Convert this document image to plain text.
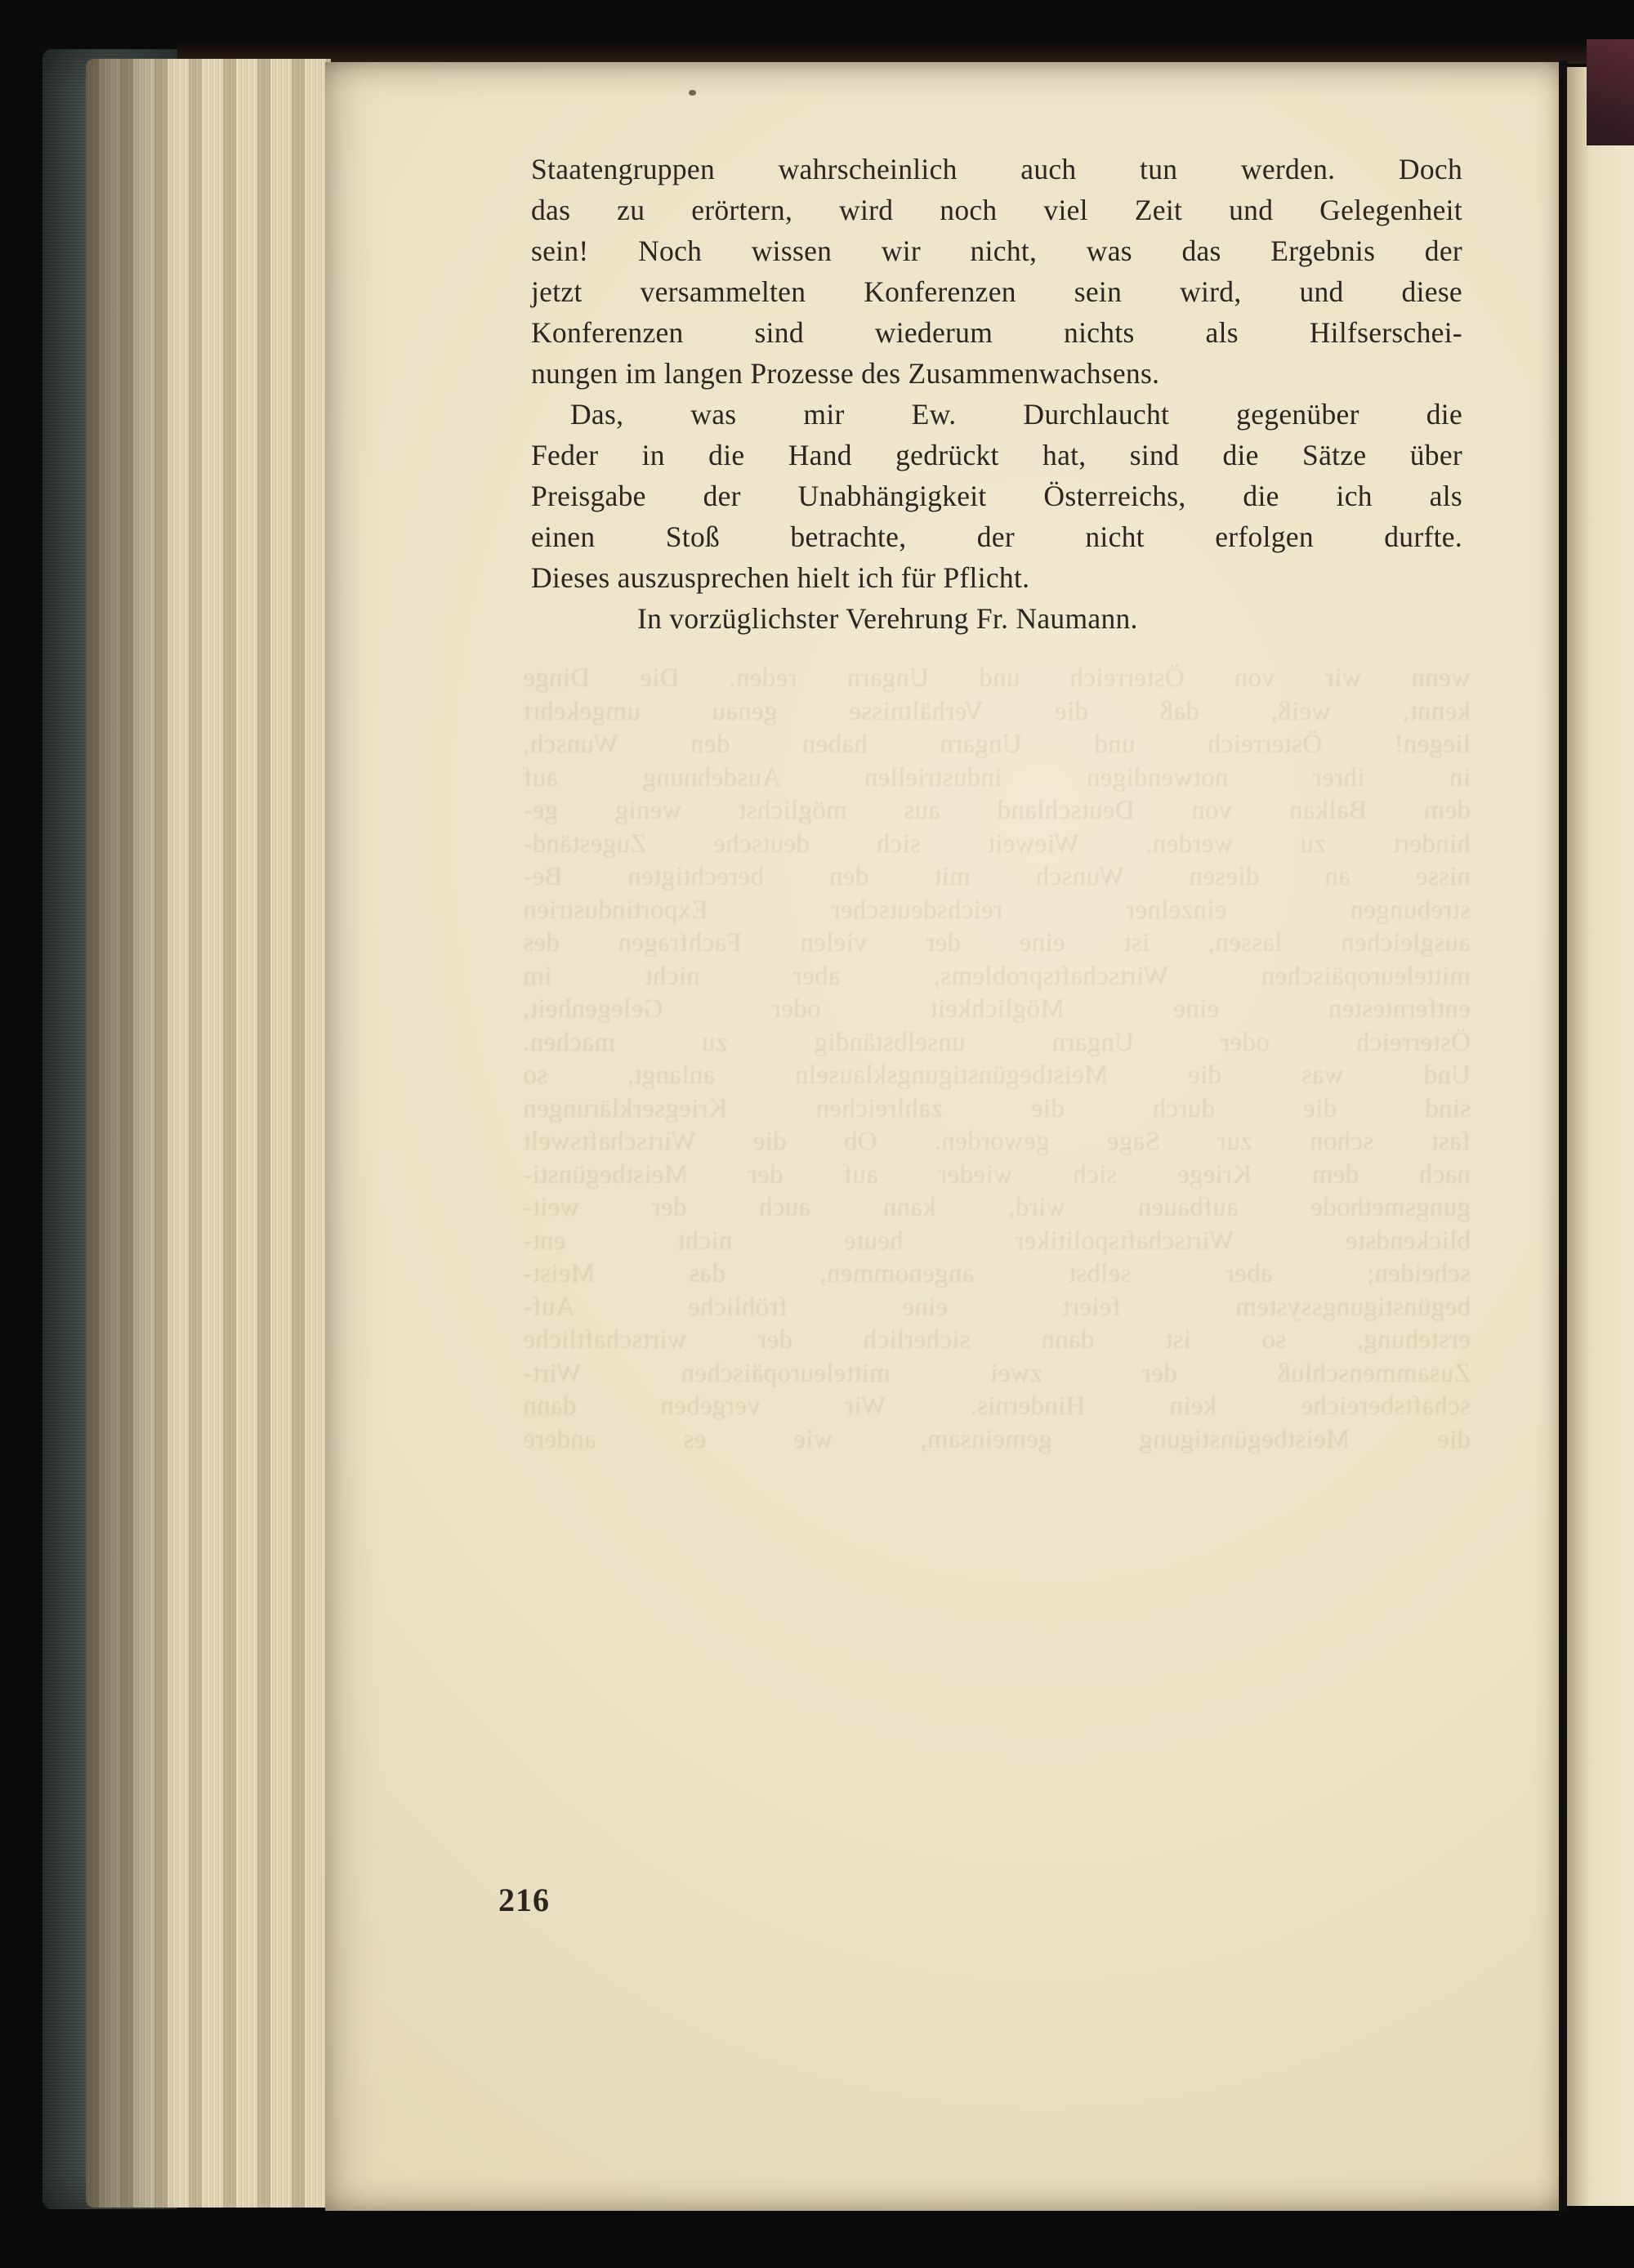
wenn wir von Österreich und Ungarn reden. Die Dinge
kennt, weiß, daß die Verhältnisse genau umgekehrt
liegen! Österreich und Ungarn haben den Wunsch,
in ihrer notwendigen industriellen Ausdehnung auf
dem Balkan von Deutschland aus möglichst wenig ge-
hindert zu werden. Wieweit sich deutsche Zugeständ-
nisse an diesen Wunsch mit den berechtigten Be-
strebungen einzelner reichsdeutscher Exportindustrien
ausgleichen lassen, ist eine der vielen Fachfragen des
mitteleuropäischen Wirtschaftsproblems, aber nicht im
entferntesten eine Möglichkeit oder Gelegenheit,
Österreich oder Ungarn unselbständig zu machen.
Und was die Meistbegünstigungsklauseln anlangt, so
sind die durch die zahlreichen Kriegserklärungen
fast schon zur Sage geworden. Ob die Wirtschaftswelt
nach dem Kriege sich wieder auf der Meistbegünsti-
gungsmethode aufbauen wird, kann auch der weit-
blickendste Wirtschaftspolitiker heute nicht ent-
scheiden; aber selbst angenommen, das Meist-
begünstigungssystem feiert eine fröhliche Auf-
erstehung, so ist dann sicherlich der wirtschaftliche
Zusammenschluß der zwei mitteleuropäischen Wirt-
schaftsbereiche kein Hindernis. Wir vergeben dann
die Meistbegünstigung gemeinsam, wie es andere
Staatengruppen wahrscheinlich auch tun werden. Doch
das zu erörtern, wird noch viel Zeit und Gelegenheit
sein! Noch wissen wir nicht, was das Ergebnis der
jetzt versammelten Konferenzen sein wird, und diese
Konferenzen sind wiederum nichts als Hilfserschei-
nungen im langen Prozesse des Zusammenwachsens.
Das, was mir Ew. Durchlaucht gegenüber die
Feder in die Hand gedrückt hat, sind die Sätze über
Preisgabe der Unabhängigkeit Österreichs, die ich als
einen Stoß betrachte, der nicht erfolgen durfte.
Dieses auszusprechen hielt ich für Pflicht.
In vorzüglichster Verehrung Fr. Naumann.
216
